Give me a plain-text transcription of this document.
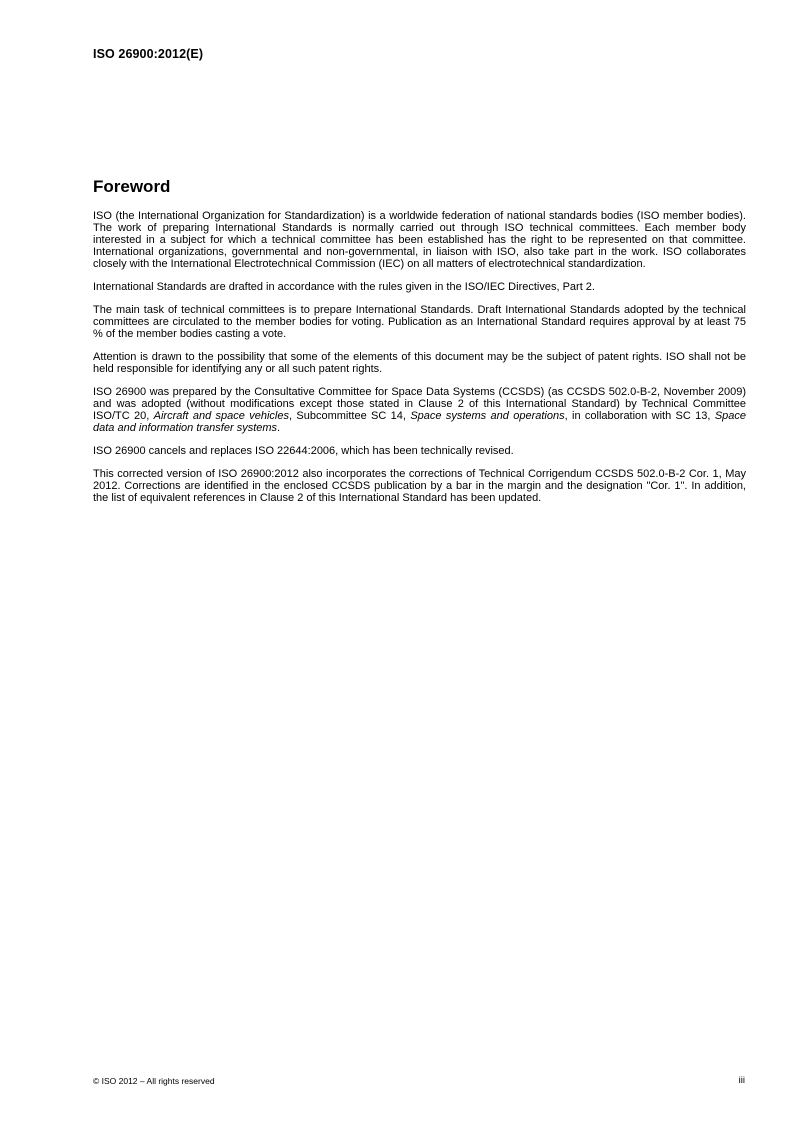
ISO 26900:2012(E)
Foreword

ISO (the International Organization for Standardization) is a worldwide federation of national standards bodies (ISO member bodies). The work of preparing International Standards is normally carried out through ISO technical committees. Each member body interested in a subject for which a technical committee has been established has the right to be represented on that committee. International organizations, governmental and non-governmental, in liaison with ISO, also take part in the work. ISO collaborates closely with the International Electrotechnical Commission (IEC) on all matters of electrotechnical standardization.

International Standards are drafted in accordance with the rules given in the ISO/IEC Directives, Part 2.

The main task of technical committees is to prepare International Standards. Draft International Standards adopted by the technical committees are circulated to the member bodies for voting. Publication as an International Standard requires approval by at least 75 % of the member bodies casting a vote.

Attention is drawn to the possibility that some of the elements of this document may be the subject of patent rights. ISO shall not be held responsible for identifying any or all such patent rights.

ISO 26900 was prepared by the Consultative Committee for Space Data Systems (CCSDS) (as CCSDS 502.0-B-2, November 2009) and was adopted (without modifications except those stated in Clause 2 of this International Standard) by Technical Committee ISO/TC 20, Aircraft and space vehicles, Subcommittee SC 14, Space systems and operations, in collaboration with SC 13, Space data and information transfer systems.

ISO 26900 cancels and replaces ISO 22644:2006, which has been technically revised.

This corrected version of ISO 26900:2012 also incorporates the corrections of Technical Corrigendum CCSDS 502.0-B-2 Cor. 1, May 2012. Corrections are identified in the enclosed CCSDS publication by a bar in the margin and the designation "Cor. 1". In addition, the list of equivalent references in Clause 2 of this International Standard has been updated.

© ISO 2012 – All rights reserved	iii
